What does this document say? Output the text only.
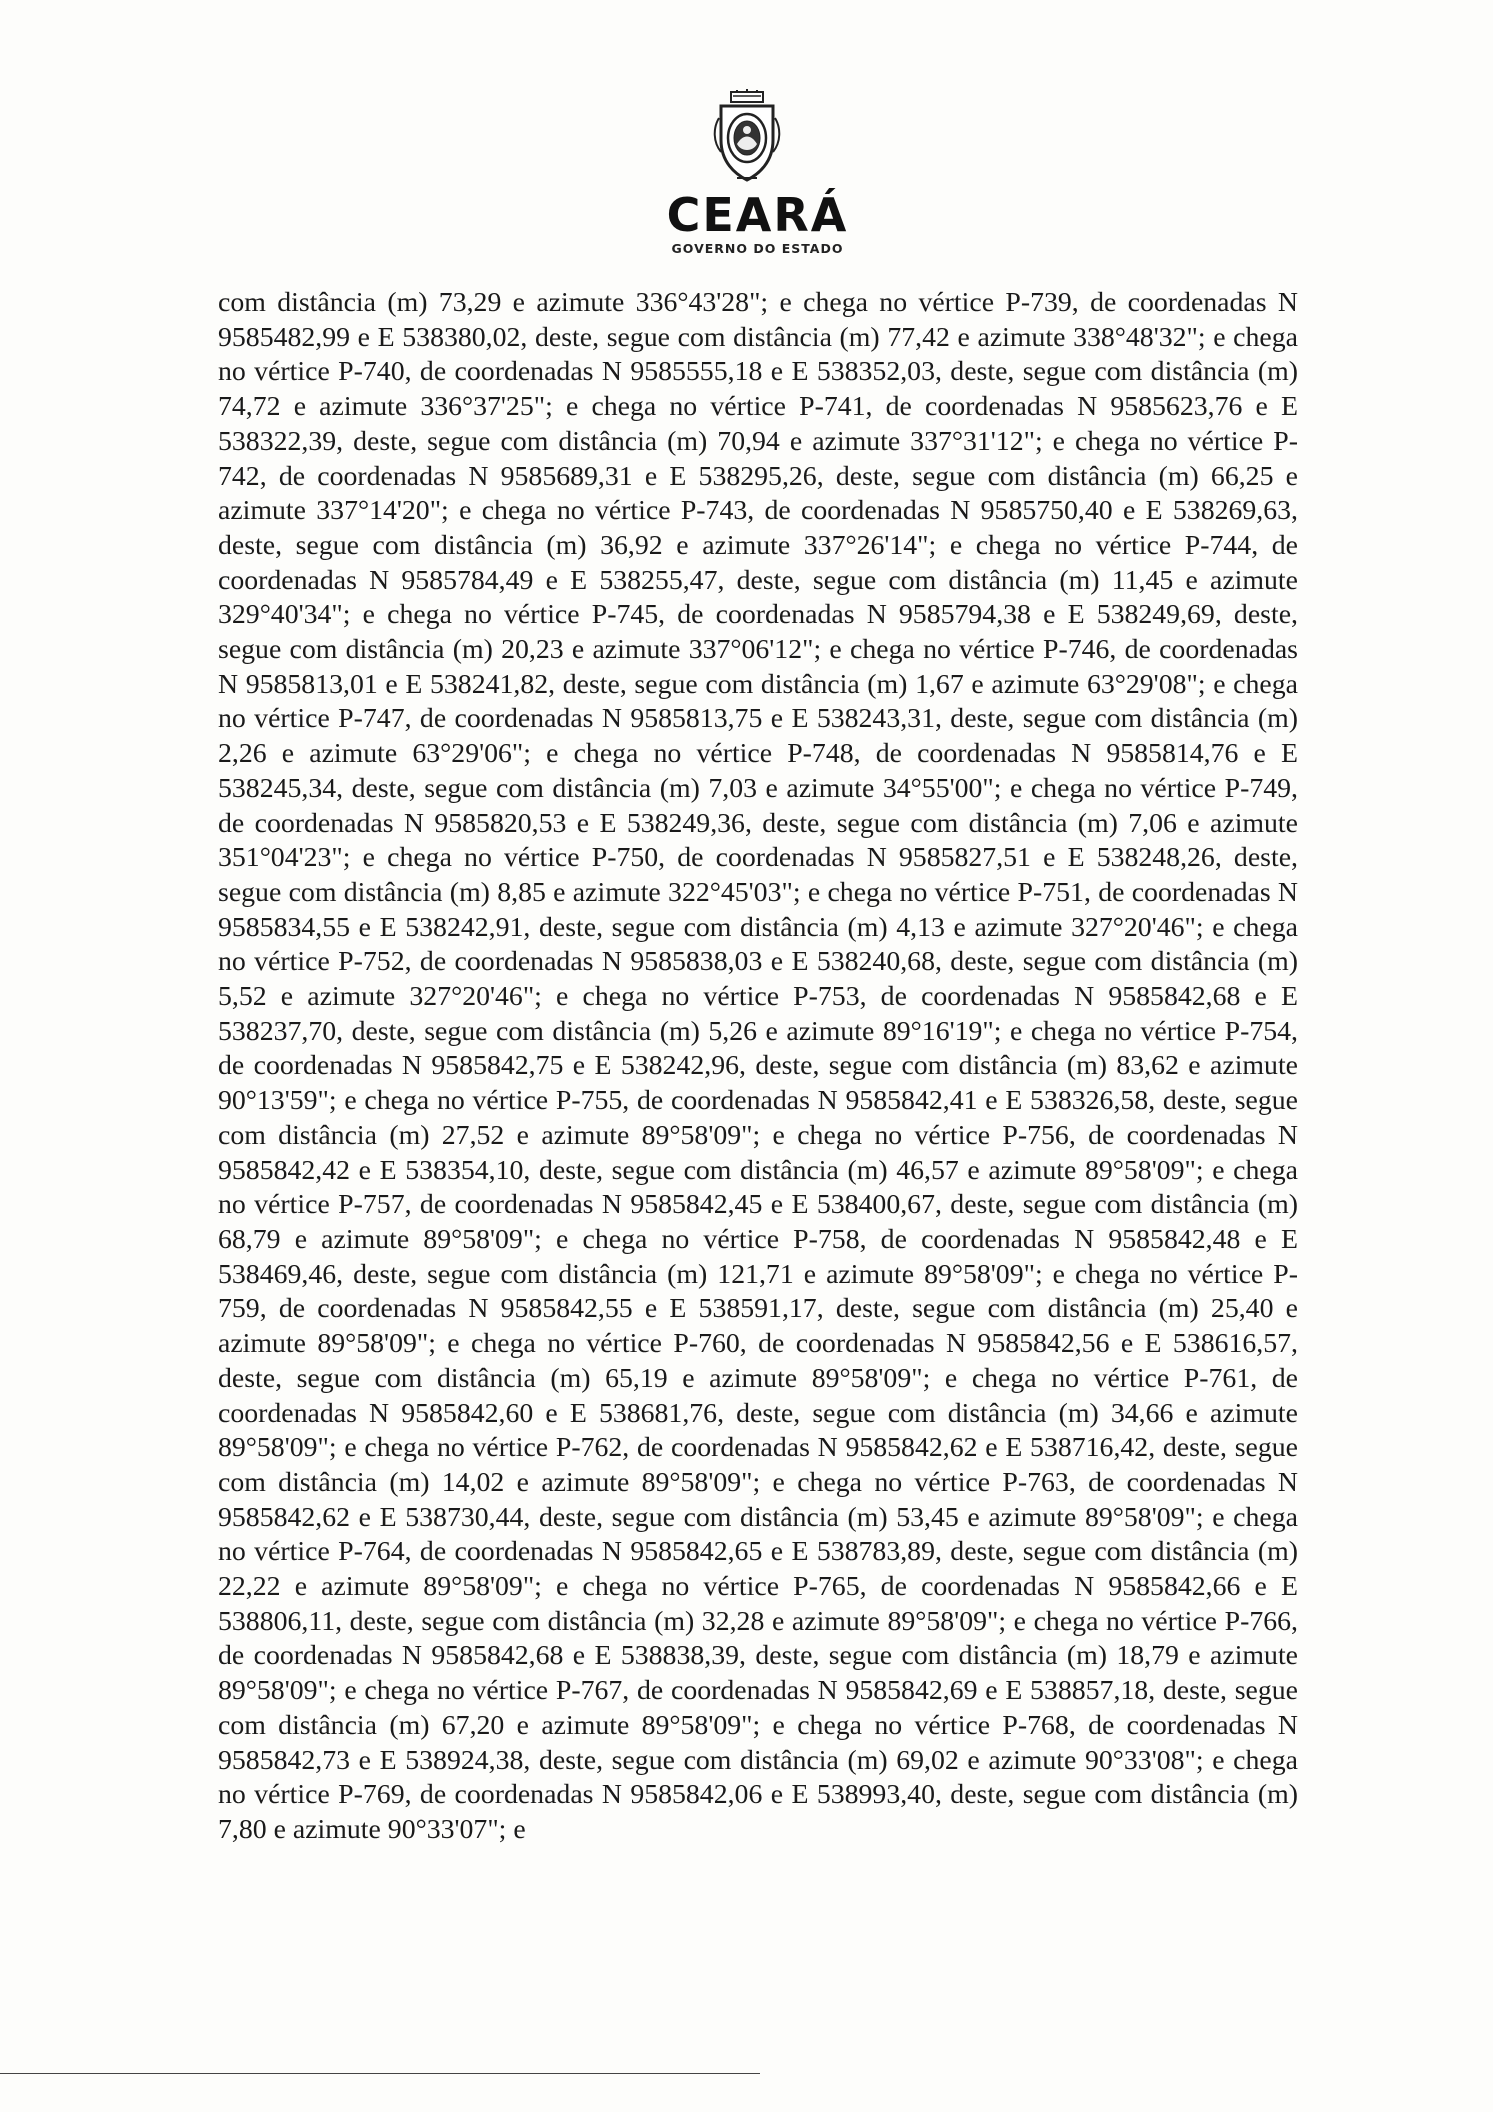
CEARÁ
GOVERNO DO ESTADO

com distância (m) 73,29 e azimute 336°43'28"; e chega no vértice P-739, de coordenadas N 9585482,99 e E 538380,02, deste, segue com distância (m) 77,42 e azimute 338°48'32"; e chega no vértice P-740, de coordenadas N 9585555,18 e E 538352,03, deste, segue com distância (m) 74,72 e azimute 336°37'25"; e chega no vértice P-741, de coordenadas N 9585623,76 e E 538322,39, deste, segue com distância (m) 70,94 e azimute 337°31'12"; e chega no vértice P-742, de coordenadas N 9585689,31 e E 538295,26, deste, segue com distância (m) 66,25 e azimute 337°14'20"; e chega no vértice P-743, de coordenadas N 9585750,40 e E 538269,63, deste, segue com distância (m) 36,92 e azimute 337°26'14"; e chega no vértice P-744, de coordenadas N 9585784,49 e E 538255,47, deste, segue com distância (m) 11,45 e azimute 329°40'34"; e chega no vértice P-745, de coordenadas N 9585794,38 e E 538249,69, deste, segue com distância (m) 20,23 e azimute 337°06'12"; e chega no vértice P-746, de coordenadas N 9585813,01 e E 538241,82, deste, segue com distância (m) 1,67 e azimute 63°29'08"; e chega no vértice P-747, de coordenadas N 9585813,75 e E 538243,31, deste, segue com distância (m) 2,26 e azimute 63°29'06"; e chega no vértice P-748, de coordenadas N 9585814,76 e E 538245,34, deste, segue com distância (m) 7,03 e azimute 34°55'00"; e chega no vértice P-749, de coordenadas N 9585820,53 e E 538249,36, deste, segue com distância (m) 7,06 e azimute 351°04'23"; e chega no vértice P-750, de coordenadas N 9585827,51 e E 538248,26, deste, segue com distância (m) 8,85 e azimute 322°45'03"; e chega no vértice P-751, de coordenadas N 9585834,55 e E 538242,91, deste, segue com distância (m) 4,13 e azimute 327°20'46"; e chega no vértice P-752, de coordenadas N 9585838,03 e E 538240,68, deste, segue com distância (m) 5,52 e azimute 327°20'46"; e chega no vértice P-753, de coordenadas N 9585842,68 e E 538237,70, deste, segue com distância (m) 5,26 e azimute 89°16'19"; e chega no vértice P-754, de coordenadas N 9585842,75 e E 538242,96, deste, segue com distância (m) 83,62 e azimute 90°13'59"; e chega no vértice P-755, de coordenadas N 9585842,41 e E 538326,58, deste, segue com distância (m) 27,52 e azimute 89°58'09"; e chega no vértice P-756, de coordenadas N 9585842,42 e E 538354,10, deste, segue com distância (m) 46,57 e azimute 89°58'09"; e chega no vértice P-757, de coordenadas N 9585842,45 e E 538400,67, deste, segue com distância (m) 68,79 e azimute 89°58'09"; e chega no vértice P-758, de coordenadas N 9585842,48 e E 538469,46, deste, segue com distância (m) 121,71 e azimute 89°58'09"; e chega no vértice P-759, de coordenadas N 9585842,55 e E 538591,17, deste, segue com distância (m) 25,40 e azimute 89°58'09"; e chega no vértice P-760, de coordenadas N 9585842,56 e E 538616,57, deste, segue com distância (m) 65,19 e azimute 89°58'09"; e chega no vértice P-761, de coordenadas N 9585842,60 e E 538681,76, deste, segue com distância (m) 34,66 e azimute 89°58'09"; e chega no vértice P-762, de coordenadas N 9585842,62 e E 538716,42, deste, segue com distância (m) 14,02 e azimute 89°58'09"; e chega no vértice P-763, de coordenadas N 9585842,62 e E 538730,44, deste, segue com distância (m) 53,45 e azimute 89°58'09"; e chega no vértice P-764, de coordenadas N 9585842,65 e E 538783,89, deste, segue com distância (m) 22,22 e azimute 89°58'09"; e chega no vértice P-765, de coordenadas N 9585842,66 e E 538806,11, deste, segue com distância (m) 32,28 e azimute 89°58'09"; e chega no vértice P-766, de coordenadas N 9585842,68 e E 538838,39, deste, segue com distância (m) 18,79 e azimute 89°58'09"; e chega no vértice P-767, de coordenadas N 9585842,69 e E 538857,18, deste, segue com distância (m) 67,20 e azimute 89°58'09"; e chega no vértice P-768, de coordenadas N 9585842,73 e E 538924,38, deste, segue com distância (m) 69,02 e azimute 90°33'08"; e chega no vértice P-769, de coordenadas N 9585842,06 e E 538993,40, deste, segue com distância (m) 7,80 e azimute 90°33'07"; e
